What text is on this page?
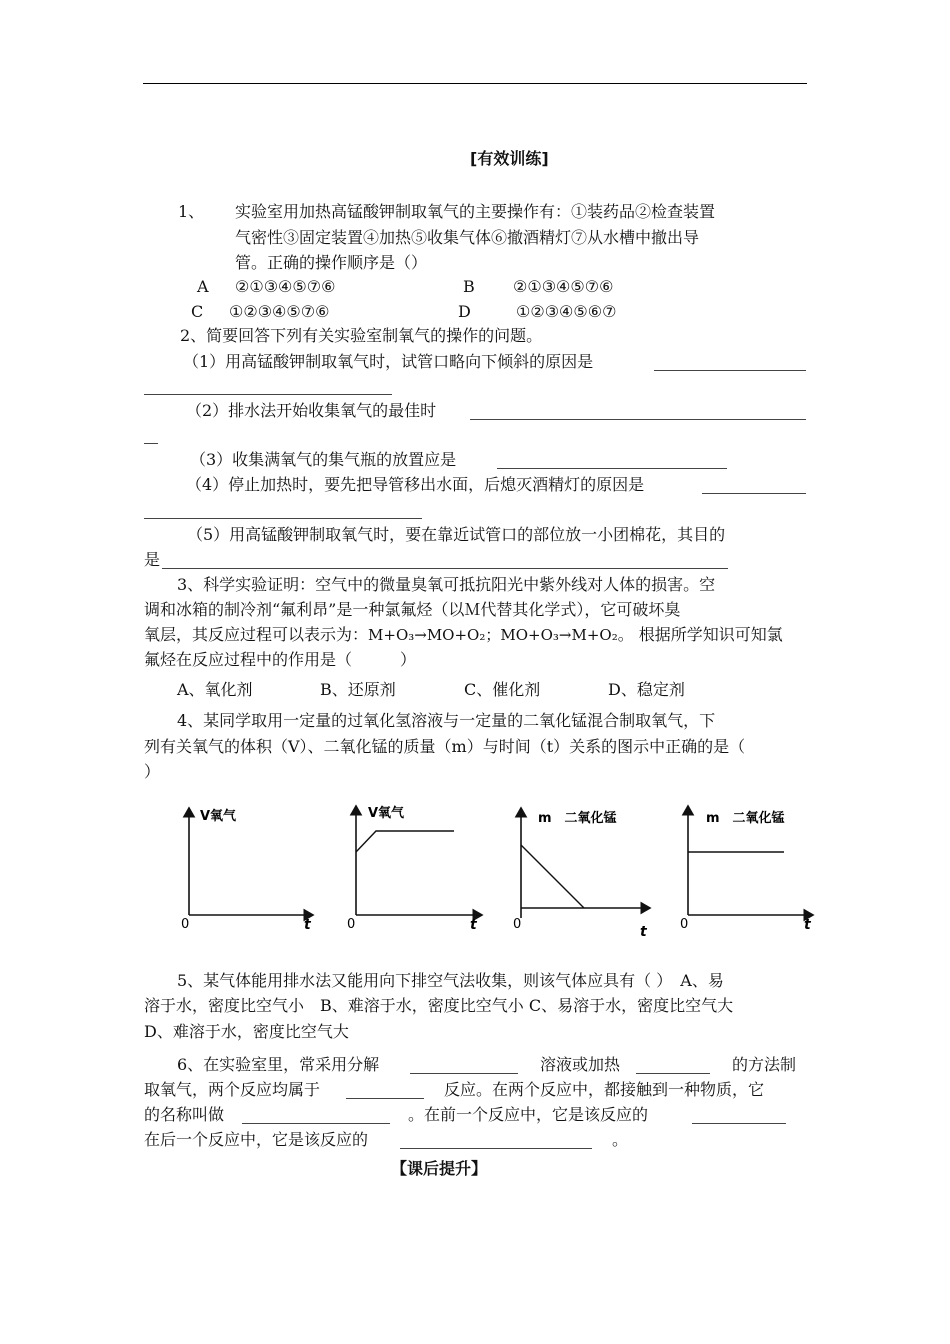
[有效训练]
1、 实验室用加热高锰酸钾制取氧气的主要操作有：①装药品②检查装置
气密性③固定装置④加热⑤收集气体⑥撤酒精灯⑦从水槽中撤出导
管。正确的操作顺序是（）
A ②①③④⑤⑦⑥	B ②①③④⑤⑦⑥
C ①②③④⑤⑦⑥	D	①②③④⑤⑥⑦
2、简要回答下列有关实验室制氧气的操作的问题。
（1）用高锰酸钾制取氧气时，试管口略向下倾斜的原因是
（2）排水法开始收集氧气的最佳时
（3）收集满氧气的集气瓶的放置应是
（4）停止加热时，要先把导管移出水面，后熄灭酒精灯的原因是
（5）用高锰酸钾制取氧气时，要在靠近试管口的部位放一小团棉花，其目的
是
3、科学实验证明：空气中的微量臭氧可抵抗阳光中紫外线对人体的损害。空
调和冰箱的制冷剂“氟利昂”是一种氯氟烃（以Ｍ代替其化学式），它可破坏臭
氧层，其反应过程可以表示为：M+O₃→MO+O₂；MO+O₃→M+O₂。 根据所学知识可知氯
氟烃在反应过程中的作用是（　　　）
A、氧化剂	B、还原剂	C、催化剂	D、稳定剂
4、某同学取用一定量的过氧化氢溶液与一定量的二氧化锰混合制取氧气，下
列有关氧气的体积（V）、二氧化锰的质量（m）与时间（t）关系的图示中正确的是（
）
V氧气
0	t
V氧气
0	t
m　二氧化锰
0	t
m　二氧化锰
0	t
5、某气体能用排水法又能用向下排空气法收集，则该气体应具有（ ）　A、易
溶于水，密度比空气小　B、难溶于水，密度比空气小 C、易溶于水，密度比空气大
D、难溶于水，密度比空气大
6、在实验室里，常采用分解	溶液或加热	的方法制
取氧气，两个反应均属于	反应。在两个反应中，都接触到一种物质，它
的名称叫做	。在前一个反应中，它是该反应的
在后一个反应中，它是该反应的	。
【课后提升】
